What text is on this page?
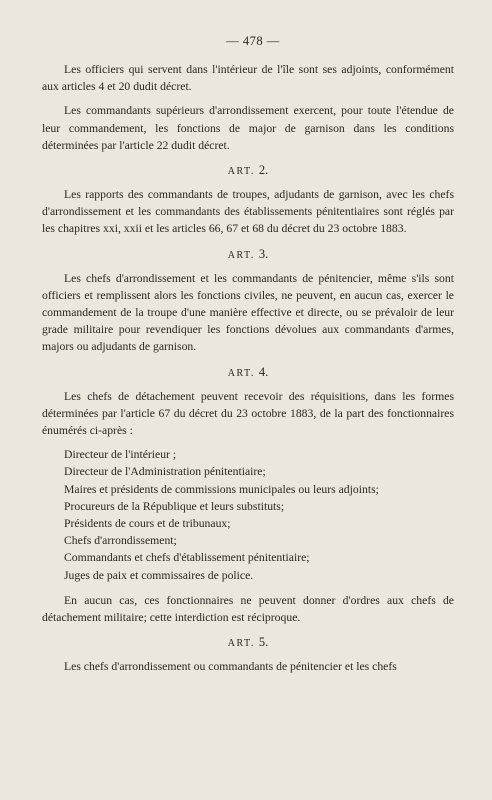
— 478 —

Les officiers qui servent dans l'intérieur de l'île sont ses adjoints, conformément aux articles 4 et 20 dudit décret.

Les commandants supérieurs d'arrondissement exercent, pour toute l'étendue de leur commandement, les fonctions de major de garnison dans les conditions déterminées par l'article 22 dudit décret.

ART. 2.

Les rapports des commandants de troupes, adjudants de garnison, avec les chefs d'arrondissement et les commandants des établissements pénitentiaires sont réglés par les chapitres xxi, xxii et les articles 66, 67 et 68 du décret du 23 octobre 1883.

ART. 3.

Les chefs d'arrondissement et les commandants de pénitencier, même s'ils sont officiers et remplissent alors les fonctions civiles, ne peuvent, en aucun cas, exercer le commandement de la troupe d'une manière effective et directe, ou se prévaloir de leur grade militaire pour revendiquer les fonctions dévolues aux commandants d'armes, majors ou adjudants de garnison.

ART. 4.

Les chefs de détachement peuvent recevoir des réquisitions, dans les formes déterminées par l'article 67 du décret du 23 octobre 1883, de la part des fonctionnaires énumérés ci-après :

Directeur de l'intérieur ;
Directeur de l'Administration pénitentiaire;
Maires et présidents de commissions municipales ou leurs adjoints;
Procureurs de la République et leurs substituts;
Présidents de cours et de tribunaux;
Chefs d'arrondissement;
Commandants et chefs d'établissement pénitentiaire;
Juges de paix et commissaires de police.

En aucun cas, ces fonctionnaires ne peuvent donner d'ordres aux chefs de détachement militaire; cette interdiction est réciproque.

ART. 5.

Les chefs d'arrondissement ou commandants de pénitencier et les chefs
